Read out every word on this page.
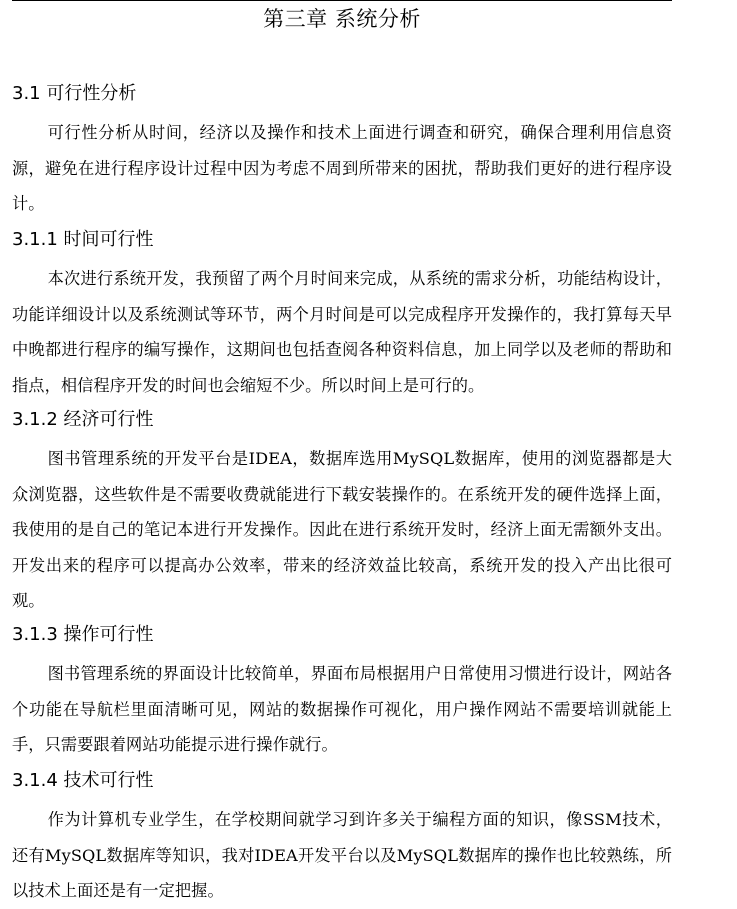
第三章 系统分析
3.1 可行性分析

可行性分析从时间，经济以及操作和技术上面进行调查和研究，确保合理利用信息资源，避免在进行程序设计过程中因为考虑不周到所带来的困扰，帮助我们更好的进行程序设计。

3.1.1 时间可行性

本次进行系统开发，我预留了两个月时间来完成，从系统的需求分析，功能结构设计，功能详细设计以及系统测试等环节，两个月时间是可以完成程序开发操作的，我打算每天早中晚都进行程序的编写操作，这期间也包括查阅各种资料信息，加上同学以及老师的帮助和指点，相信程序开发的时间也会缩短不少。所以时间上是可行的。

3.1.2 经济可行性

图书管理系统的开发平台是IDEA，数据库选用MySQL数据库，使用的浏览器都是大众浏览器，这些软件是不需要收费就能进行下载安装操作的。在系统开发的硬件选择上面，我使用的是自己的笔记本进行开发操作。因此在进行系统开发时，经济上面无需额外支出。开发出来的程序可以提高办公效率，带来的经济效益比较高，系统开发的投入产出比很可观。

3.1.3 操作可行性

图书管理系统的界面设计比较简单，界面布局根据用户日常使用习惯进行设计，网站各个功能在导航栏里面清晰可见，网站的数据操作可视化，用户操作网站不需要培训就能上手，只需要跟着网站功能提示进行操作就行。

3.1.4 技术可行性

作为计算机专业学生，在学校期间就学习到许多关于编程方面的知识，像SSM技术，还有MySQL数据库等知识，我对IDEA开发平台以及MySQL数据库的操作也比较熟练，所以技术上面还是有一定把握。
